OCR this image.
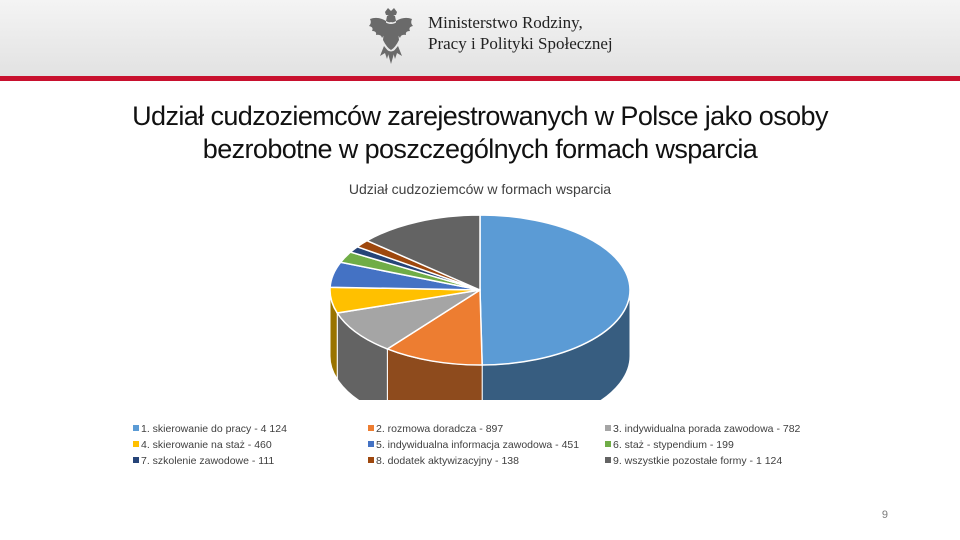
Ministerstwo Rodziny,
Pracy i Polityki Społecznej
Udział cudzoziemców zarejestrowanych w Polsce jako osoby
bezrobotne w poszczególnych formach wsparcia
Udział cudzoziemców w formach wsparcia
1. skierowanie do pracy - 4 124
4. skierowanie na staż - 460
7. szkolenie zawodowe - 111
2. rozmowa doradcza - 897
5. indywidualna informacja zawodowa - 451
8. dodatek aktywizacyjny - 138
3. indywidualna porada zawodowa - 782
6. staż - stypendium - 199
9. wszystkie pozostałe formy - 1 124
9
